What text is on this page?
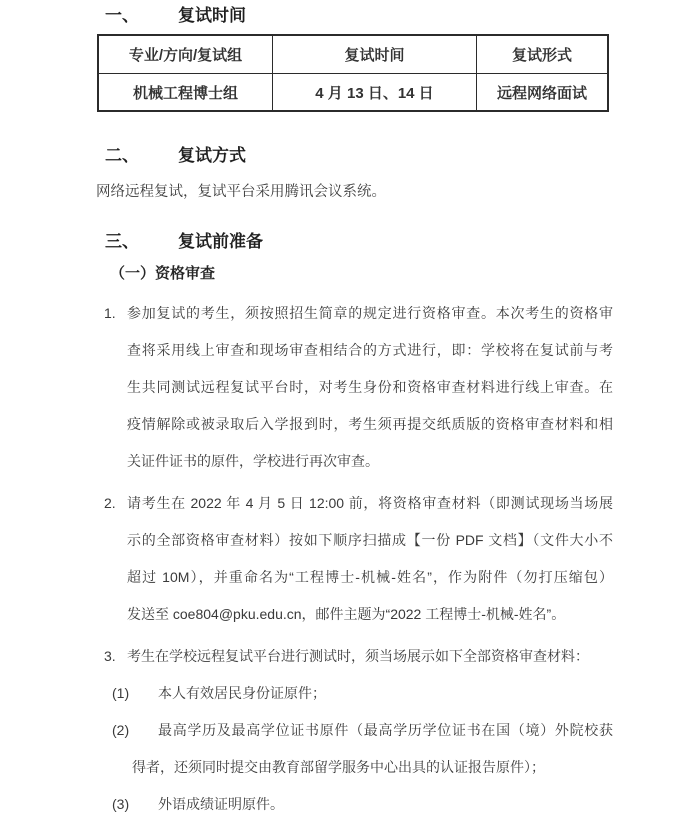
一、	复试时间
专业/方向/复试组	复试时间	复试形式
机械工程博士组	4 月 13 日、14 日	远程网络面试
二、	复试方式

网络远程复试，复试平台采用腾讯会议系统。

三、	复试前准备
（一）资格审查
1. 参加复试的考生，须按照招生简章的规定进行资格审查。本次考生的资格审
查将采用线上审查和现场审查相结合的方式进行，即：学校将在复试前与考
生共同测试远程复试平台时，对考生身份和资格审查材料进行线上审查。在
疫情解除或被录取后入学报到时，考生须再提交纸质版的资格审查材料和相
关证件证书的原件，学校进行再次审查。
2. 请考生在 2022 年 4 月 5 日 12:00 前，将资格审查材料（即测试现场当场展
示的全部资格审查材料）按如下顺序扫描成【一份 PDF 文档】（文件大小不
超过 10M），并重命名为“工程博士-机械-姓名”，作为附件（勿打压缩包）
发送至 coe804@pku.edu.cn，邮件主题为“2022 工程博士-机械-姓名”。
3. 考生在学校远程复试平台进行测试时，须当场展示如下全部资格审查材料：
(1)	本人有效居民身份证原件；
(2)	最高学历及最高学位证书原件（最高学历学位证书在国（境）外院校获
得者，还须同时提交由教育部留学服务中心出具的认证报告原件）；
(3)	外语成绩证明原件。
